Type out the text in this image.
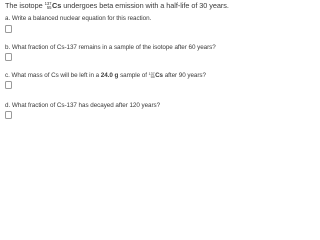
The isotope 137
55 Cs undergoes beta emission with a half-life of 30 years.
a. Write a balanced nuclear equation for this reaction.
b. What fraction of Cs-137 remains in a sample of the isotope after 60 years?
c. What mass of Cs will be left in a 24.0 g sample of 137
55 Cs after 90 years?
d. What fraction of Cs-137 has decayed after 120 years?
